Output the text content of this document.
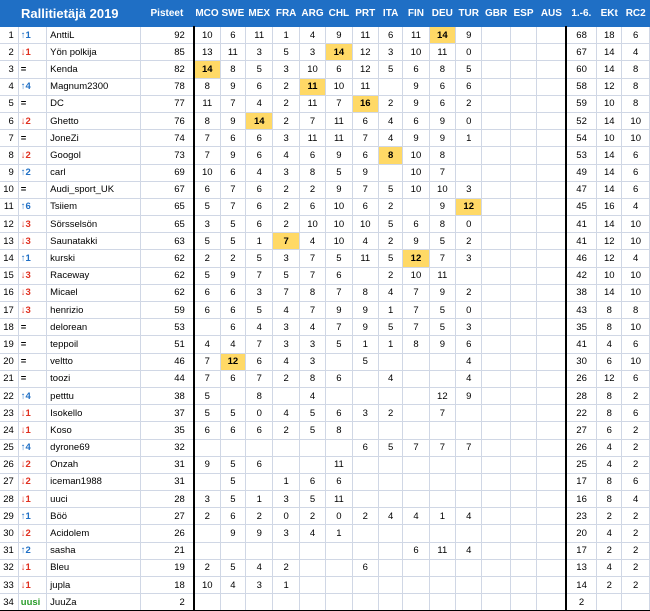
Rallitietäjä 2019			Pisteet	MCO	SWE	MEX	FRA	ARG	CHL	PRT	ITA	FIN	DEU	TUR	GBR	ESP	AUS	1.-6.	EKt	RC2
1	↑1	AnttiL	92	10	6	11	1	4	9	11	6	11	14	9				68	18	6
2	↓1	Yön polkija	85	13	11	3	5	3	14	12	3	10	11	0				67	14	4
3	=	Kenda	82	14	8	5	3	10	6	12	5	6	8	5				60	14	8
4	↑4	Magnum2300	78	8	9	6	2	11	10	11		9	6	6				58	12	8
5	=	DC	77	11	7	4	2	11	7	16	2	9	6	2				59	10	8
6	↓2	Ghetto	76	8	9	14	2	7	11	6	4	6	9	0				52	14	10
7	=	JoneZi	74	7	6	6	3	11	11	7	4	9	9	1				54	10	10
8	↓2	Googol	73	7	9	6	4	6	9	6	8	10	8					53	14	6
9	↑2	carl	69	10	6	4	3	8	5	9		10	7					49	14	6
10	=	Audi_sport_UK	67	6	7	6	2	2	9	7	5	10	10	3				47	14	6
11	↑6	Tsiiem	65	5	7	6	2	6	10	6	2		9	12				45	16	4
12	↓3	Sörsselsön	65	3	5	6	2	10	10	10	5	6	8	0				41	14	10
13	↓3	Saunatakki	63	5	5	1	7	4	10	4	2	9	5	2				41	12	10
14	↑1	kurski	62	2	2	5	3	7	5	11	5	12	7	3				46	12	4
15	↓3	Raceway	62	5	9	7	5	7	6		2	10	11					42	10	10
16	↓3	Micael	62	6	6	3	7	8	7	8	4	7	9	2				38	14	10
17	↓3	henrizio	59	6	6	5	4	7	9	9	1	7	5	0				43	8	8
18	=	delorean	53		6	4	3	4	7	9	5	7	5	3				35	8	10
19	=	teppoil	51	4	4	7	3	3	5	1	1	8	9	6				41	4	6
20	=	veltto	46	7	12	6	4	3		5				4				30	6	10
21	=	toozi	44	7	6	7	2	8	6		4			4				26	12	6
22	↑4	petttu	38	5		8		4					12	9				28	8	2
23	↓1	Isokello	37	5	5	0	4	5	6	3	2		7					22	8	6
24	↓1	Koso	35	6	6	6	2	5	8									27	6	2
25	↑4	dyrone69	32							6	5	7	7	7				26	4	2
26	↓2	Onzah	31	9	5	6			11									25	4	2
27	↓2	iceman1988	31		5		1	6	6									17	8	6
28	↓1	uuci	28	3	5	1	3	5	11									16	8	4
29	↑1	Böö	27	2	6	2	0	2	0	2	4	4	1	4				23	2	2
30	↓2	Acidolem	26		9	9	3	4	1									20	4	2
31	↑2	sasha	21									6	11	4				17	2	2
32	↓1	Bleu	19	2	5	4	2			6								13	4	2
33	↓1	jupla	18	10	4	3	1											14	2	2
34	uusi	JuuZa	2															2		
